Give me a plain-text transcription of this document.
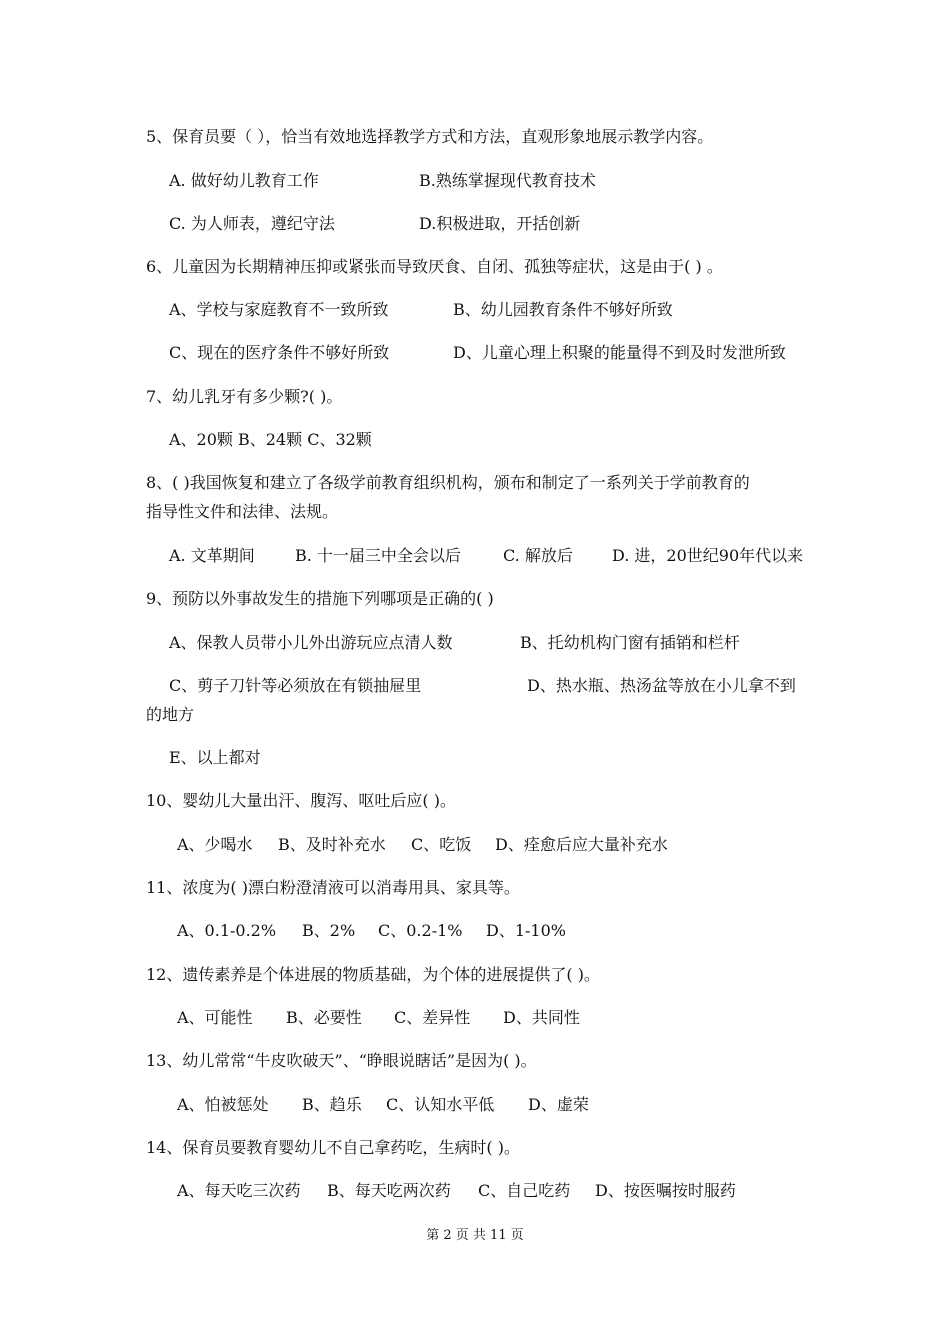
5、保育员要（ ），恰当有效地选择教学方式和方法，直观形象地展示教学内容。
A. 做好幼儿教育工作	B.熟练掌握现代教育技术
C. 为人师表，遵纪守法	D.积极进取，开括创新
6、儿童因为长期精神压抑或紧张而导致厌食、自闭、孤独等症状，这是由于( ) 。
A、学校与家庭教育不一致所致	B、幼儿园教育条件不够好所致
C、现在的医疗条件不够好所致	D、儿童心理上积聚的能量得不到及时发泄所致
7、幼儿乳牙有多少颗?( )。
A、20颗 B、24颗 C、32颗
8、( )我国恢复和建立了各级学前教育组织机构，颁布和制定了一系列关于学前教育的
指导性文件和法律、法规。
A. 文革期间	B. 十一届三中全会以后	C. 解放后 D. 进，20世纪90年代以来
9、预防以外事故发生的措施下列哪项是正确的( )
A、保教人员带小儿外出游玩应点清人数	B、托幼机构门窗有插销和栏杆
C、剪子刀针等必须放在有锁抽屉里	D、热水瓶、热汤盆等放在小儿拿不到
的地方
E、以上都对
10、婴幼儿大量出汗、腹泻、呕吐后应( )。
A、少喝水 B、及时补充水 C、吃饭 D、痊愈后应大量补充水
11、浓度为( )漂白粉澄清液可以消毒用具、家具等。
A、0.1-0.2% B、2% C、0.2-1% D、1-10%
12、遗传素养是个体进展的物质基础，为个体的进展提供了( )。
A、可能性 B、必要性 C、差异性 D、共同性
13、幼儿常常“牛皮吹破天”、“睁眼说瞎话”是因为( )。
A、怕被惩处 B、趋乐 C、认知水平低 D、虚荣
14、保育员要教育婴幼儿不自己拿药吃，生病时( )。
A、每天吃三次药 B、每天吃两次药 C、自己吃药 D、按医嘱按时服药
第 2 页 共 11 页
